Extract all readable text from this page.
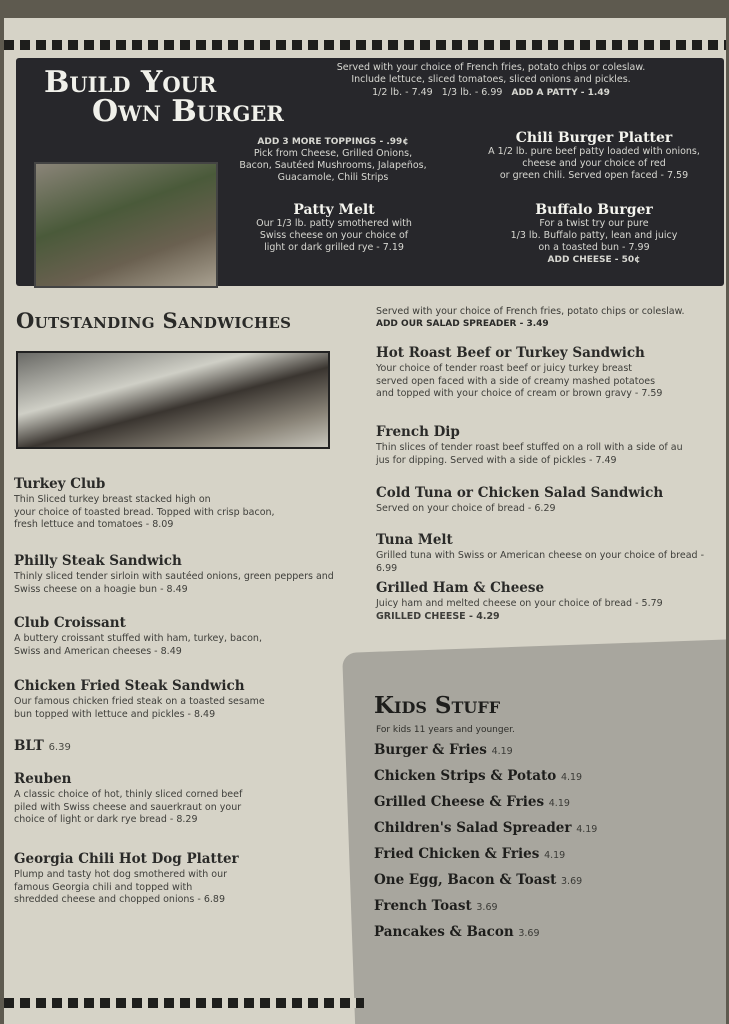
Build Your
Own Burger
Served with your choice of French fries, potato chips or coleslaw.
Include lettuce, sliced tomatoes, sliced onions and pickles.
1/2 lb. - 7.49 1/3 lb. - 6.99 ADD A PATTY - 1.49
ADD 3 MORE TOPPINGS - .99¢
Pick from Cheese, Grilled Onions,
Bacon, Sautéed Mushrooms, Jalapeños,
Guacamole, Chili Strips
Patty Melt
Our 1/3 lb. patty smothered with
Swiss cheese on your choice of
light or dark grilled rye - 7.19
Chili Burger Platter
A 1/2 lb. pure beef patty loaded with onions,
cheese and your choice of red
or green chili. Served open faced - 7.59
Buffalo Burger
For a twist try our pure
1/3 lb. Buffalo patty, lean and juicy
on a toasted bun - 7.99
ADD CHEESE - 50¢
Outstanding Sandwiches	Served with your choice of French fries, potato chips or coleslaw.
ADD OUR SALAD SPREADER - 3.49
Turkey Club
Thin Sliced turkey breast stacked high on
your choice of toasted bread. Topped with crisp bacon,
fresh lettuce and tomatoes - 8.09
Philly Steak Sandwich
Thinly sliced tender sirloin with sautéed onions, green peppers and
Swiss cheese on a hoagie bun - 8.49
Club Croissant
A buttery croissant stuffed with ham, turkey, bacon,
Swiss and American cheeses - 8.49
Chicken Fried Steak Sandwich
Our famous chicken fried steak on a toasted sesame
bun topped with lettuce and pickles - 8.49
BLT 6.39
Reuben
A classic choice of hot, thinly sliced corned beef
piled with Swiss cheese and sauerkraut on your
choice of light or dark rye bread - 8.29
Georgia Chili Hot Dog Platter
Plump and tasty hot dog smothered with our
famous Georgia chili and topped with
shredded cheese and chopped onions - 6.89
Hot Roast Beef or Turkey Sandwich
Your choice of tender roast beef or juicy turkey breast
served open faced with a side of creamy mashed potatoes
and topped with your choice of cream or brown gravy - 7.59
French Dip
Thin slices of tender roast beef stuffed on a roll with a side of au
jus for dipping. Served with a side of pickles - 7.49
Cold Tuna or Chicken Salad Sandwich
Served on your choice of bread - 6.29
Tuna Melt
Grilled tuna with Swiss or American cheese on your choice of bread - 6.99
Grilled Ham & Cheese
Juicy ham and melted cheese on your choice of bread - 5.79
GRILLED CHEESE - 4.29
Kids Stuff
For kids 11 years and younger.
Burger & Fries 4.19
Chicken Strips & Potato 4.19
Grilled Cheese & Fries 4.19
Children's Salad Spreader 4.19
Fried Chicken & Fries 4.19
One Egg, Bacon & Toast 3.69
French Toast 3.69
Pancakes & Bacon 3.69
